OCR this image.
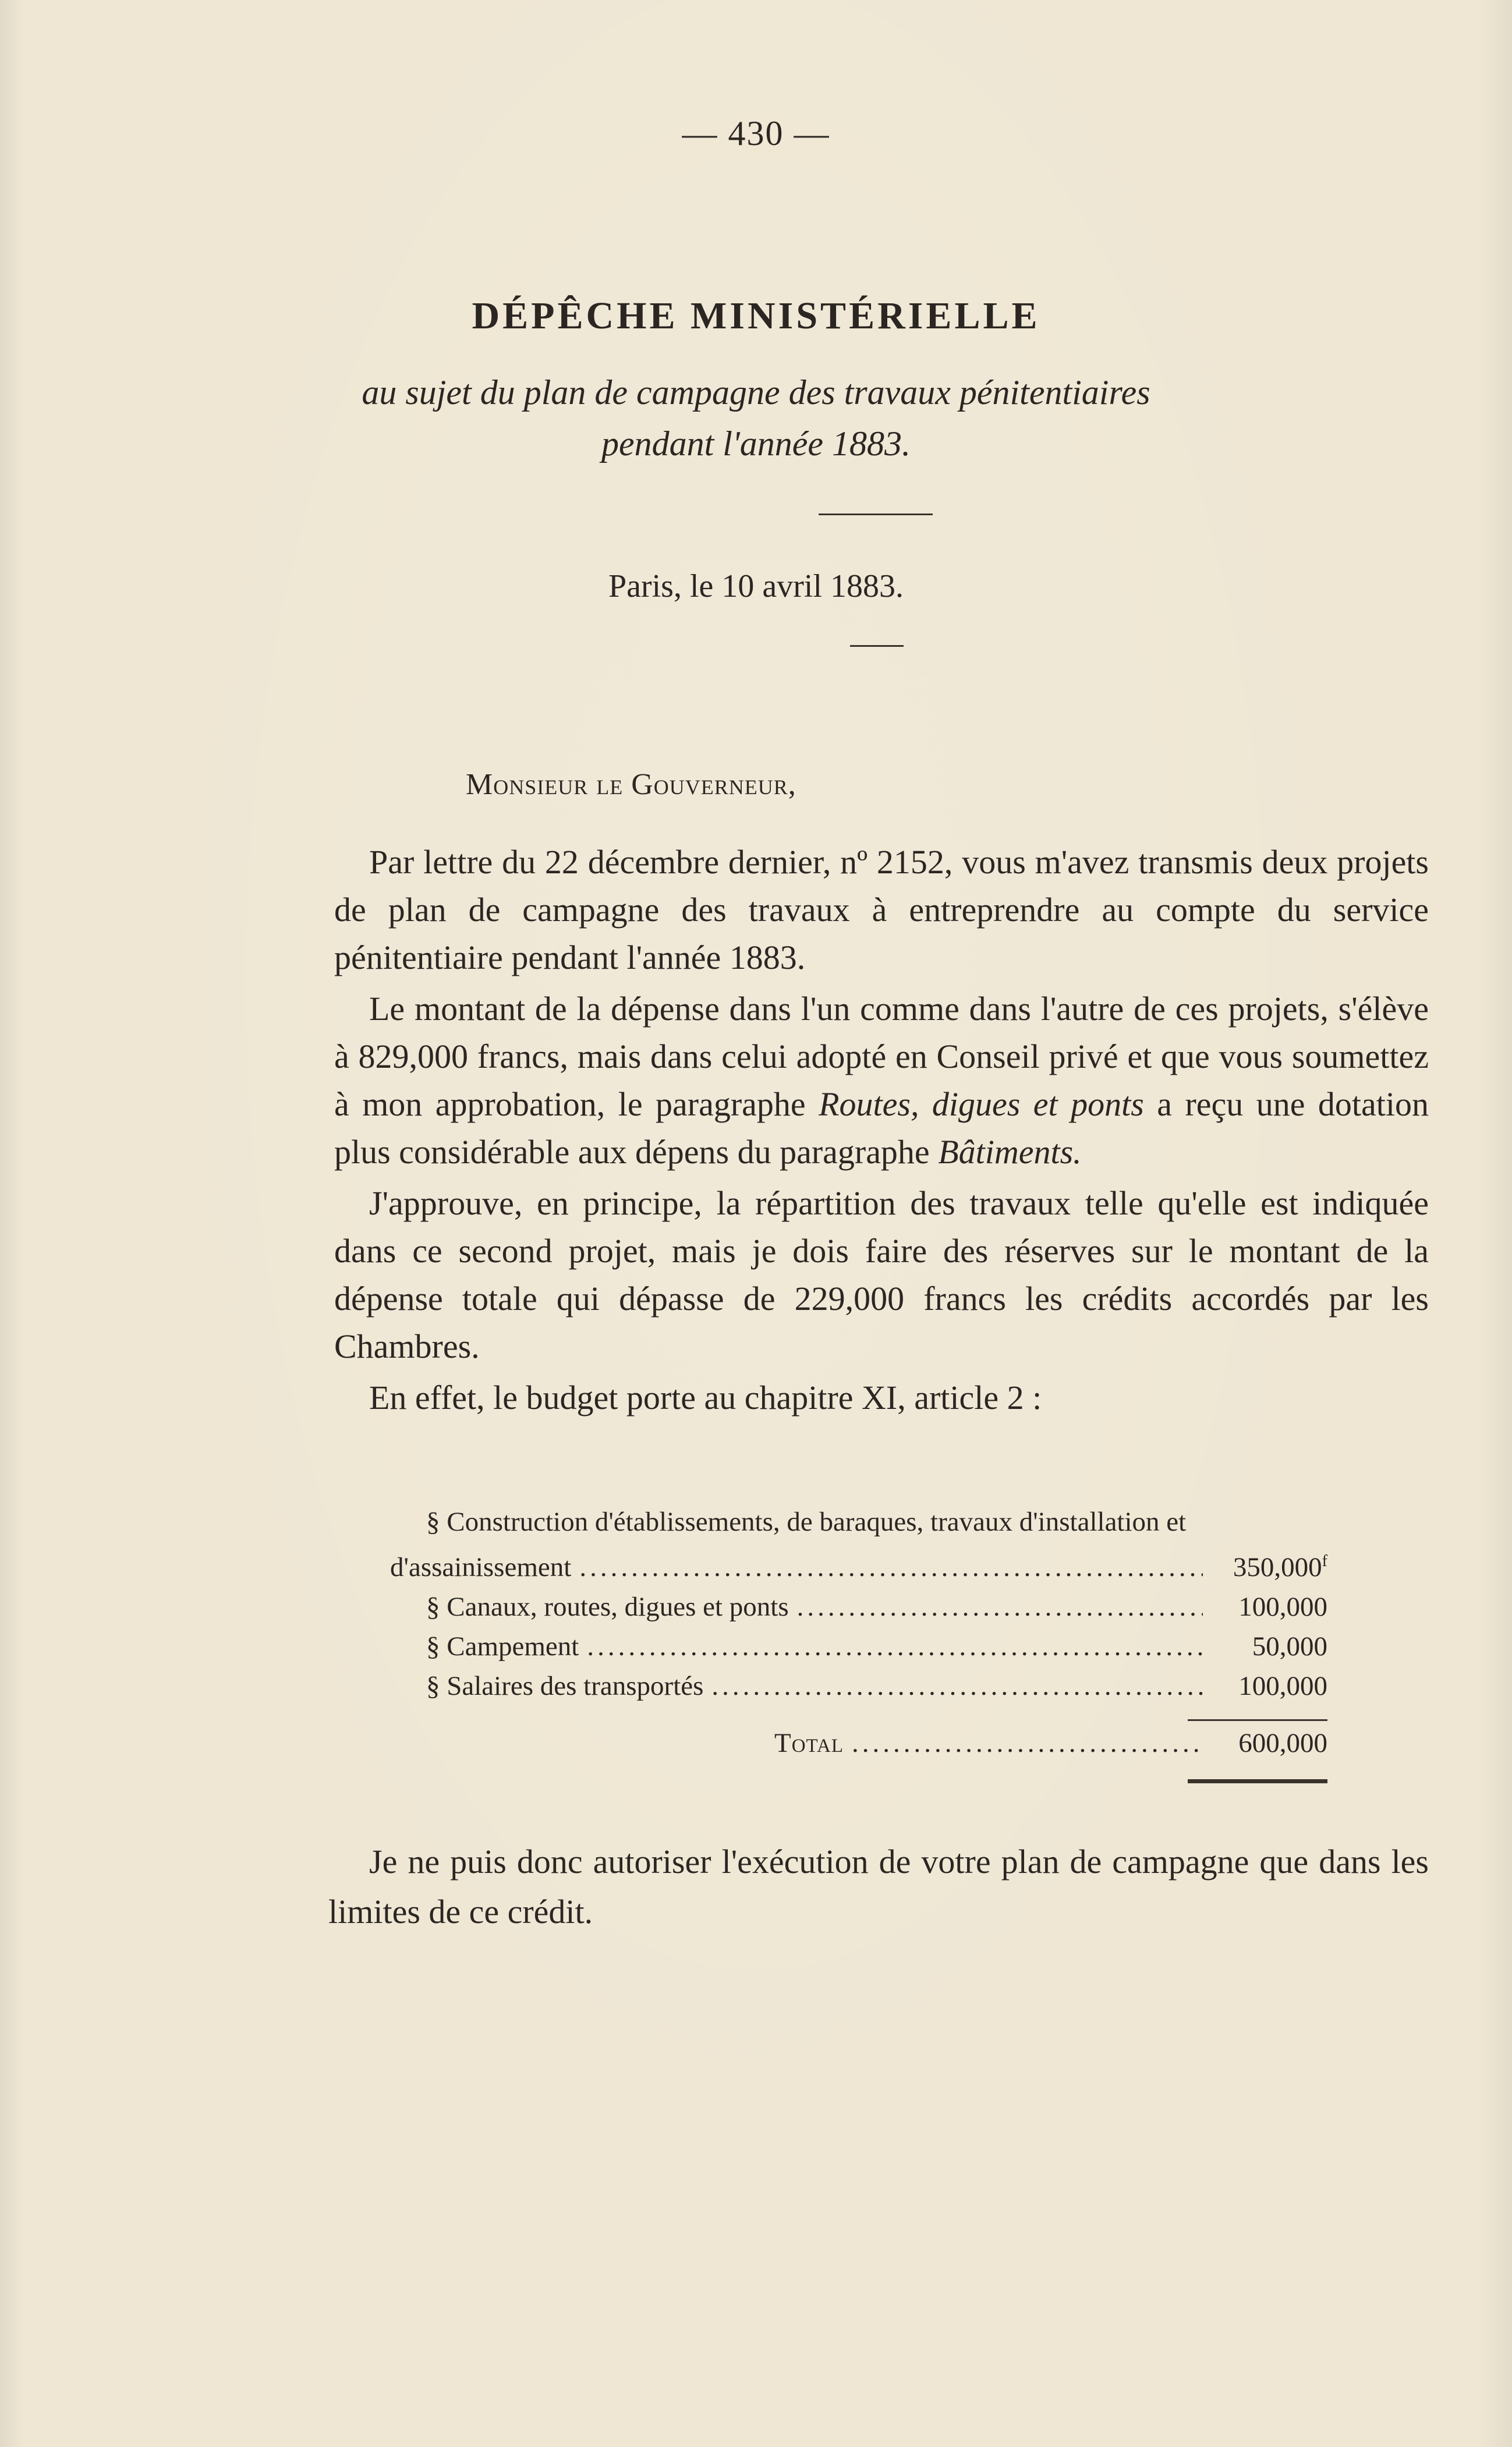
— 430 —
DÉPÊCHE MINISTÉRIELLE
au sujet du plan de campagne des travaux pénitentiaires
pendant l'année 1883.
Paris, le 10 avril 1883.
Monsieur le Gouverneur,

Par lettre du 22 décembre dernier, nº 2152, vous m'avez transmis deux projets de plan de campagne des travaux à entreprendre au compte du service pénitentiaire pendant l'année 1883.

Le montant de la dépense dans l'un comme dans l'autre de ces projets, s'élève à 829,000 francs, mais dans celui adopté en Conseil privé et que vous soumettez à mon approbation, le paragraphe Routes, digues et ponts a reçu une dotation plus considérable aux dépens du paragraphe Bâtiments.

J'approuve, en principe, la répartition des travaux telle qu'elle est indiquée dans ce second projet, mais je dois faire des réserves sur le montant de la dépense totale qui dépasse de 229,000 francs les crédits accordés par les Chambres.

En effet, le budget porte au chapitre XI, article 2 :

§ Construction d'établissements, de baraques, travaux d'installation et
d'assainissement .....	350,000$^f$
§ Canaux, routes, digues et ponts .....	100,000
§ Campement .....	50,000
§ Salaires des transportés .....	100,000
Total .....	600,000

Je ne puis donc autoriser l'exécution de votre plan de campagne que dans les limites de ce crédit.
